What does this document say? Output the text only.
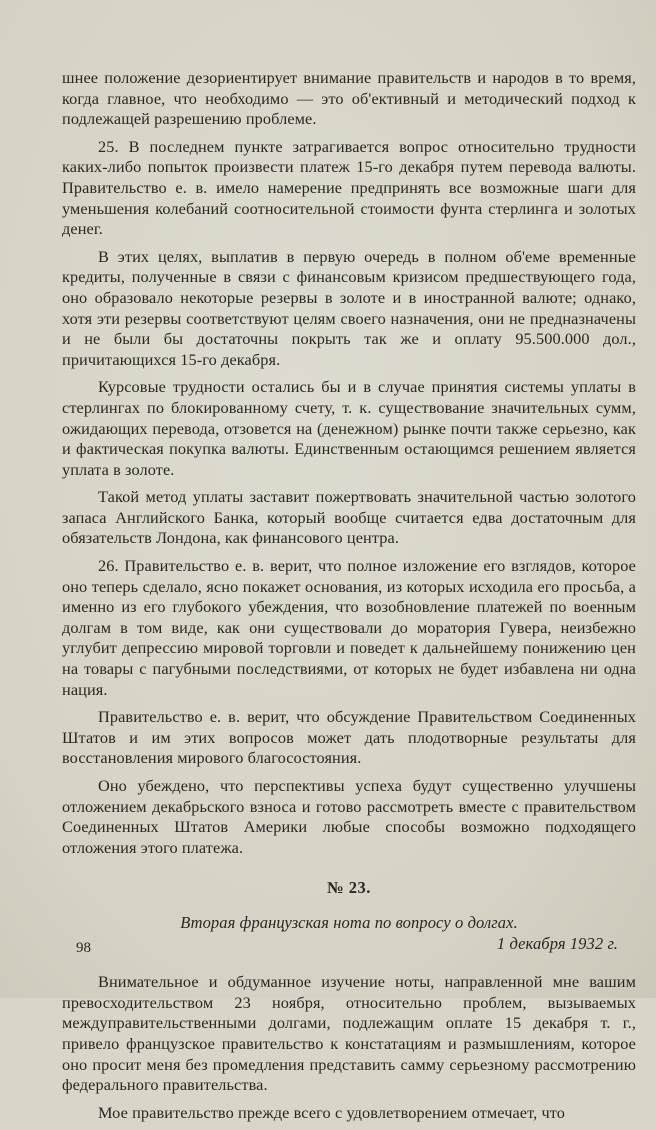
шнее положение дезориентирует внимание правительств и народов в то время, когда главное, что необходимо — это об'ективный и методический подход к подлежащей разрешению проблеме.

25. В последнем пункте затрагивается вопрос относительно трудности каких-либо попыток произвести платеж 15-го декабря путем перевода валюты. Правительство е. в. имело намерение предпринять все возможные шаги для уменьшения колебаний соотносительной стоимости фунта стерлинга и золотых денег.

В этих целях, выплатив в первую очередь в полном об'еме временные кредиты, полученные в связи с финансовым кризисом предшествующего года, оно образовало некоторые резервы в золоте и в иностранной валюте; однако, хотя эти резервы соответствуют целям своего назначения, они не предназначены и не были бы достаточны покрыть так же и оплату 95.500.000 дол., причитающихся 15-го декабря.

Курсовые трудности остались бы и в случае принятия системы уплаты в стерлингах по блокированному счету, т. к. существование значительных сумм, ожидающих перевода, отзовется на (денежном) рынке почти также серьезно, как и фактическая покупка валюты. Единственным остающимся решением является уплата в золоте.

Такой метод уплаты заставит пожертвовать значительной частью золотого запаса Английского Банка, который вообще считается едва достаточным для обязательств Лондона, как финансового центра.

26. Правительство е. в. верит, что полное изложение его взглядов, которое оно теперь сделало, ясно покажет основания, из которых исходила его просьба, а именно из его глубокого убеждения, что возобновление платежей по военным долгам в том виде, как они существовали до моратория Гувера, неизбежно углубит депрессию мировой торговли и поведет к дальнейшему понижению цен на товары с пагубными последствиями, от которых не будет избавлена ни одна нация.

Правительство е. в. верит, что обсуждение Правительством Соединенных Штатов и им этих вопросов может дать плодотворные результаты для восстановления мирового благосостояния.

Оно убеждено, что перспективы успеха будут существенно улучшены отложением декабрьского взноса и готово рассмотреть вместе с правительством Соединенных Штатов Америки любые способы возможно подходящего отложения этого платежа.

№ 23.
Вторая французская нота по вопросу о долгах.
1 декабря 1932 г.

Внимательное и обдуманное изучение ноты, направленной мне вашим превосходительством 23 ноября, относительно проблем, вызываемых междуправительственными долгами, подлежащим оплате 15 декабря т. г., привело французское правительство к констатациям и размышлениям, которое оно просит меня без промедления представить самму серьезному рассмотрению федерального правительства.

Мое правительство прежде всего с удовлетворением отмечает, что

98
